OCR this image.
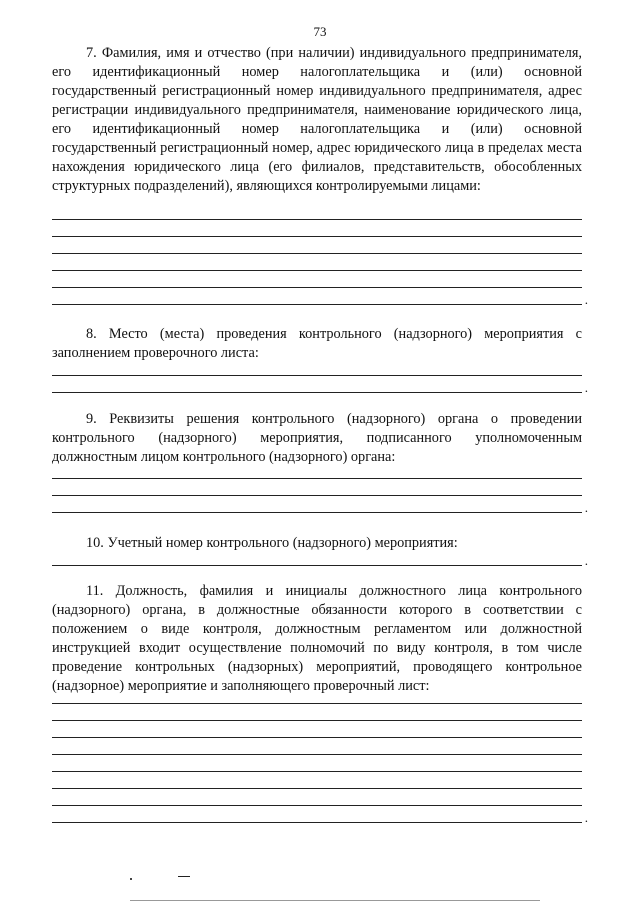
73

7. Фамилия, имя и отчество (при наличии) индивидуального предпринимателя, его идентификационный номер налогоплательщика и (или) основной государственный регистрационный номер индивидуального предпринимателя, адрес регистрации индивидуального предпринимателя, наименование юридического лица, его идентификационный номер налогоплательщика и (или) основной государственный регистрационный номер, адрес юридического лица в пределах места нахождения юридического лица (его филиалов, представительств, обособленных структурных подразделений), являющихся контролируемыми лицами:

.

8. Место (места) проведения контрольного (надзорного) мероприятия с заполнением проверочного листа:

.

9. Реквизиты решения контрольного (надзорного) органа о проведении контрольного (надзорного) мероприятия, подписанного уполномоченным должностным лицом контрольного (надзорного) органа:

.

10. Учетный номер контрольного (надзорного) мероприятия:

.

11. Должность, фамилия и инициалы должностного лица контрольного (надзорного) органа, в должностные обязанности которого в соответствии с положением о виде контроля, должностным регламентом или должностной инструкцией входит осуществление полномочий по виду контроля, в том числе проведение контрольных (надзорных) мероприятий, проводящего контрольное (надзорное) мероприятие и заполняющего проверочный лист:

.
